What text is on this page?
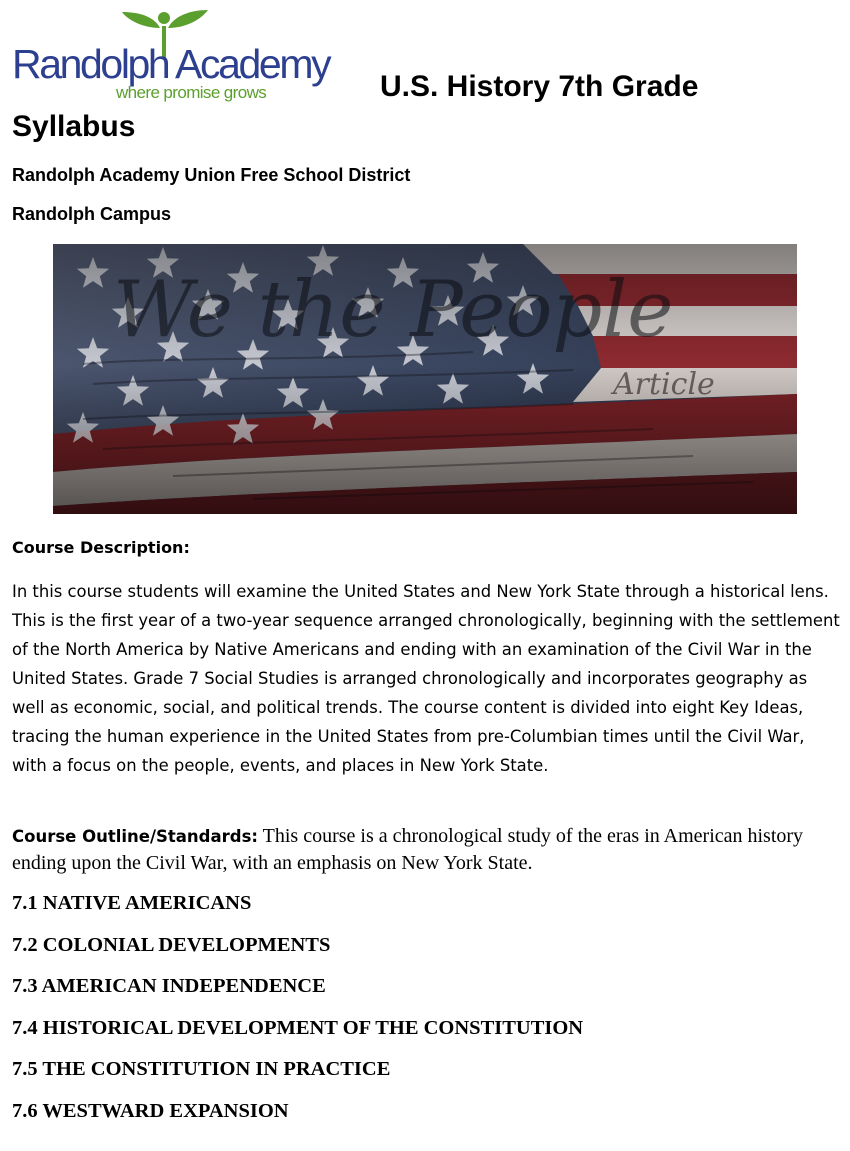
Randolph Academy
where promise grows	U.S. History 7th Grade
Syllabus
Randolph Academy Union Free School District
Randolph Campus
Course Description:

In this course students will examine the United States and New York State through a historical lens. This is the first year of a two-year sequence arranged chronologically, beginning with the settlement of the North America by Native Americans and ending with an examination of the Civil War in the United States. Grade 7 Social Studies is arranged chronologically and incorporates geography as well as economic, social, and political trends. The course content is divided into eight Key Ideas, tracing the human experience in the United States from pre-Columbian times until the Civil War, with a focus on the people, events, and places in New York State.

Course Outline/Standards: This course is a chronological study of the eras in American history ending upon the Civil War, with an emphasis on New York State.

7.1 NATIVE AMERICANS
7.2 COLONIAL DEVELOPMENTS
7.3 AMERICAN INDEPENDENCE
7.4 HISTORICAL DEVELOPMENT OF THE CONSTITUTION
7.5 THE CONSTITUTION IN PRACTICE
7.6 WESTWARD EXPANSION
